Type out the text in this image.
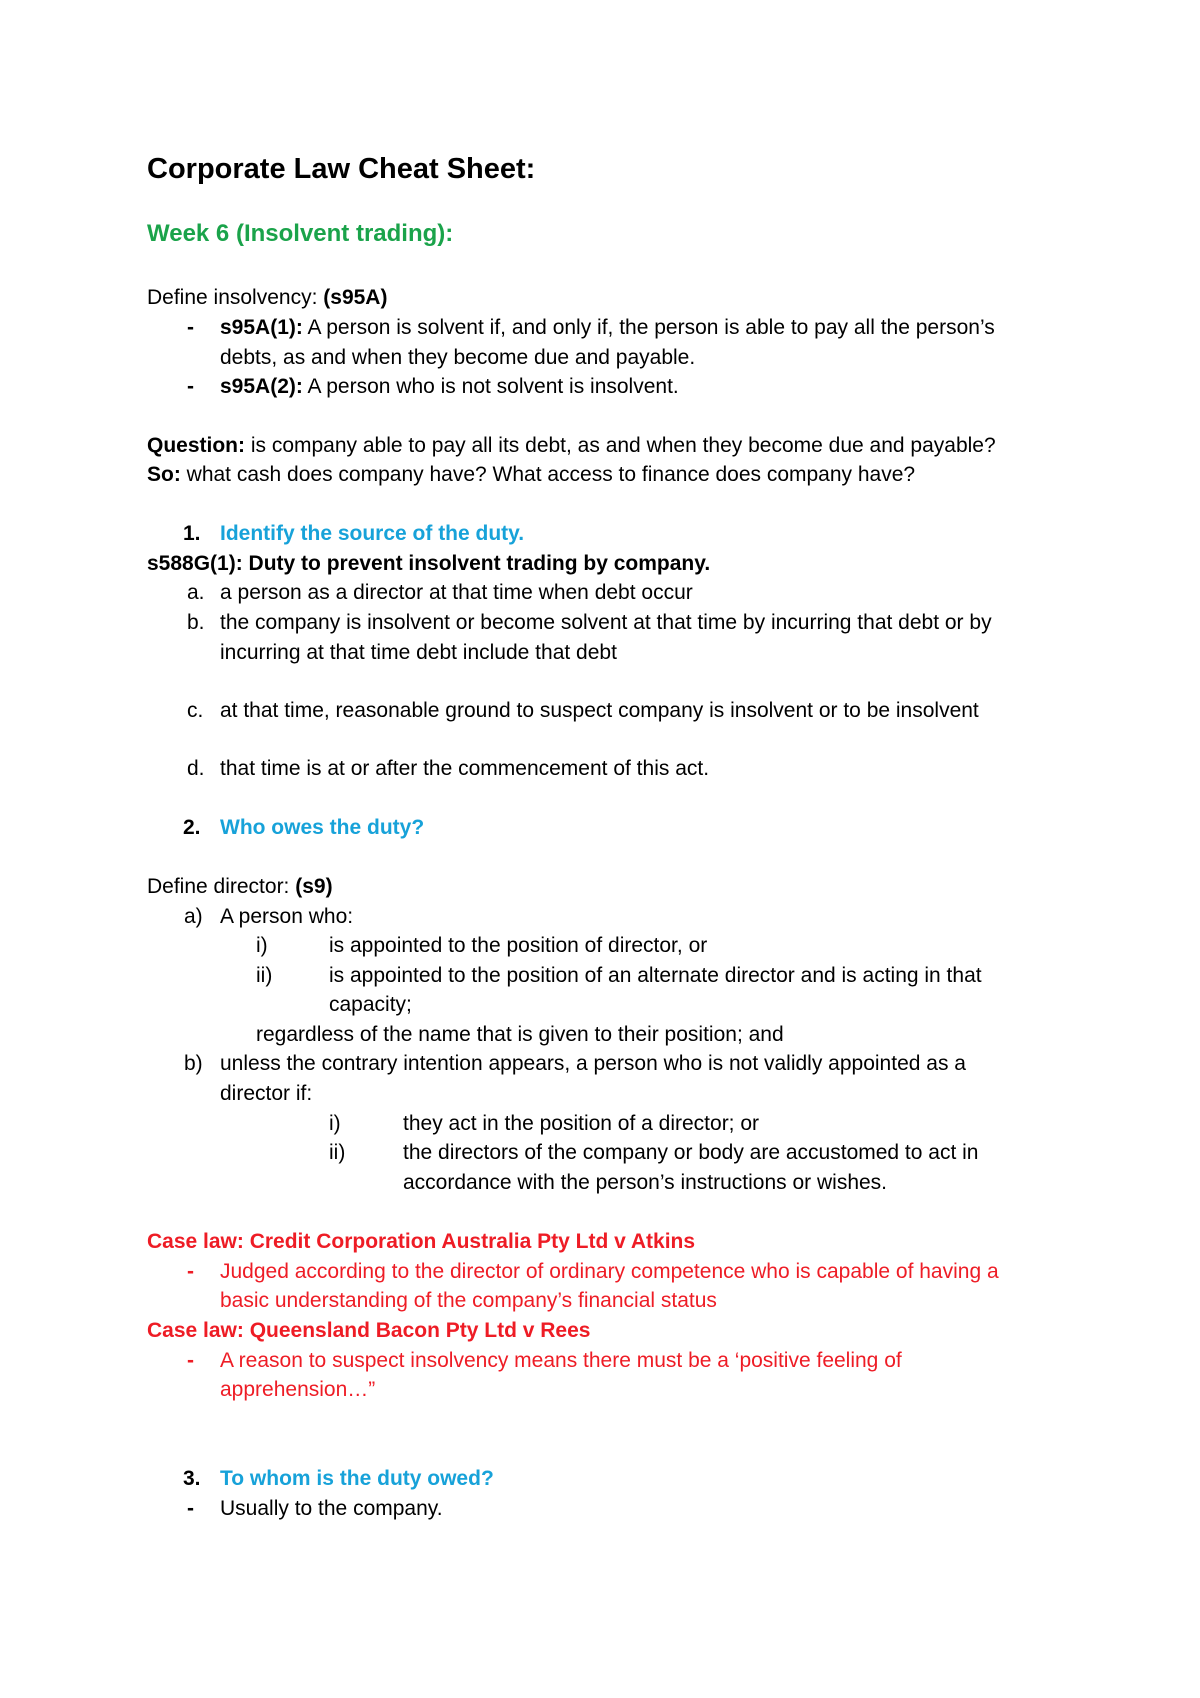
Corporate Law Cheat Sheet:
Week 6 (Insolvent trading):
Define insolvency: (s95A)
- s95A(1): A person is solvent if, and only if, the person is able to pay all the person’s
debts, as and when they become due and payable.
- s95A(2): A person who is not solvent is insolvent.
Question: is company able to pay all its debt, as and when they become due and payable?
So: what cash does company have? What access to finance does company have?
1. Identify the source of the duty.
s588G(1): Duty to prevent insolvent trading by company.
a. a person as a director at that time when debt occur
b. the company is insolvent or become solvent at that time by incurring that debt or by
incurring at that time debt include that debt
c. at that time, reasonable ground to suspect company is insolvent or to be insolvent
d. that time is at or after the commencement of this act.
2. Who owes the duty?
Define director: (s9)
a) A person who:
i)	is appointed to the position of director, or
ii)	is appointed to the position of an alternate director and is acting in that
capacity;
regardless of the name that is given to their position; and
b) unless the contrary intention appears, a person who is not validly appointed as a
director if:
i)	they act in the position of a director; or
ii)	the directors of the company or body are accustomed to act in
accordance with the person’s instructions or wishes.
Case law: Credit Corporation Australia Pty Ltd v Atkins
- Judged according to the director of ordinary competence who is capable of having a
basic understanding of the company’s financial status
Case law: Queensland Bacon Pty Ltd v Rees
- A reason to suspect insolvency means there must be a ‘positive feeling of
apprehension…”
3. To whom is the duty owed?
- Usually to the company.
